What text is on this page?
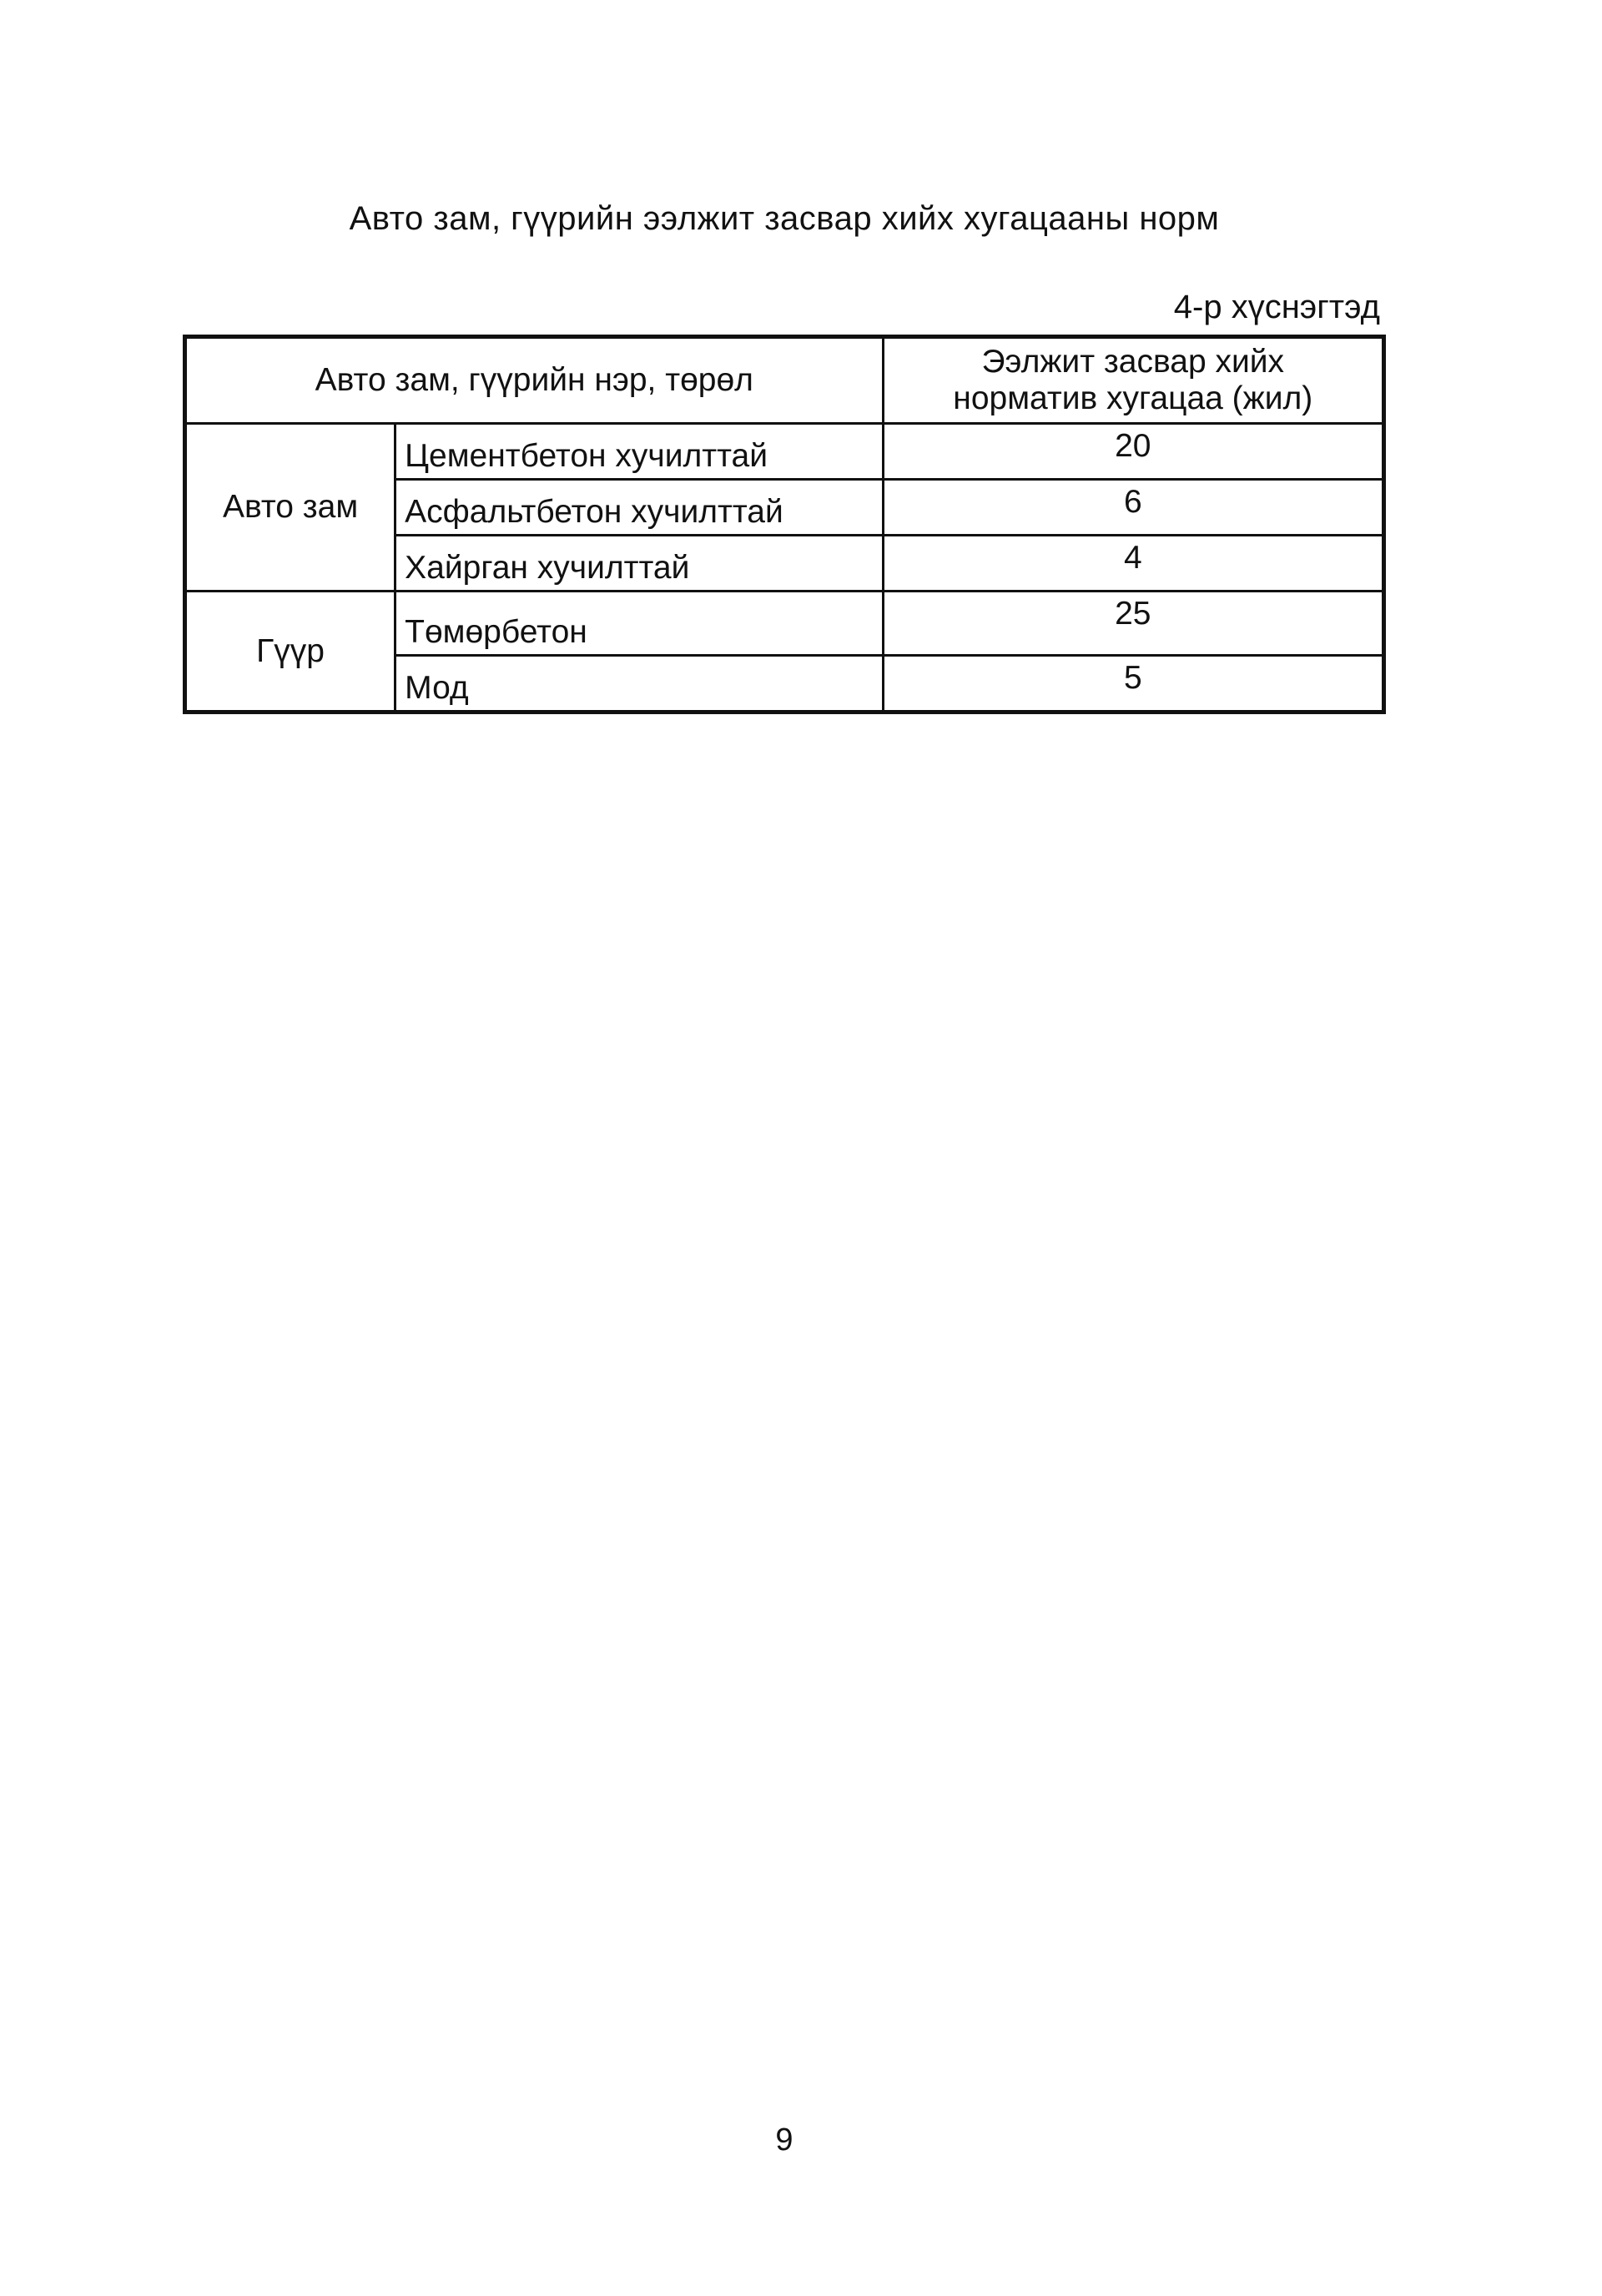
Авто зам, гүүрийн ээлжит засвар хийх хугацааны норм
4-р хүснэгтэд
Авто зам, гүүрийн нэр, төрөл		Ээлжит засвар хийх
норматив хугацаа (жил)
Авто зам	Цементбетон хучилттай	20
	Асфальтбетон хучилттай	6
	Хайрган хучилттай	4
Гүүр	Төмөрбетон	25
	Мод	5
9
